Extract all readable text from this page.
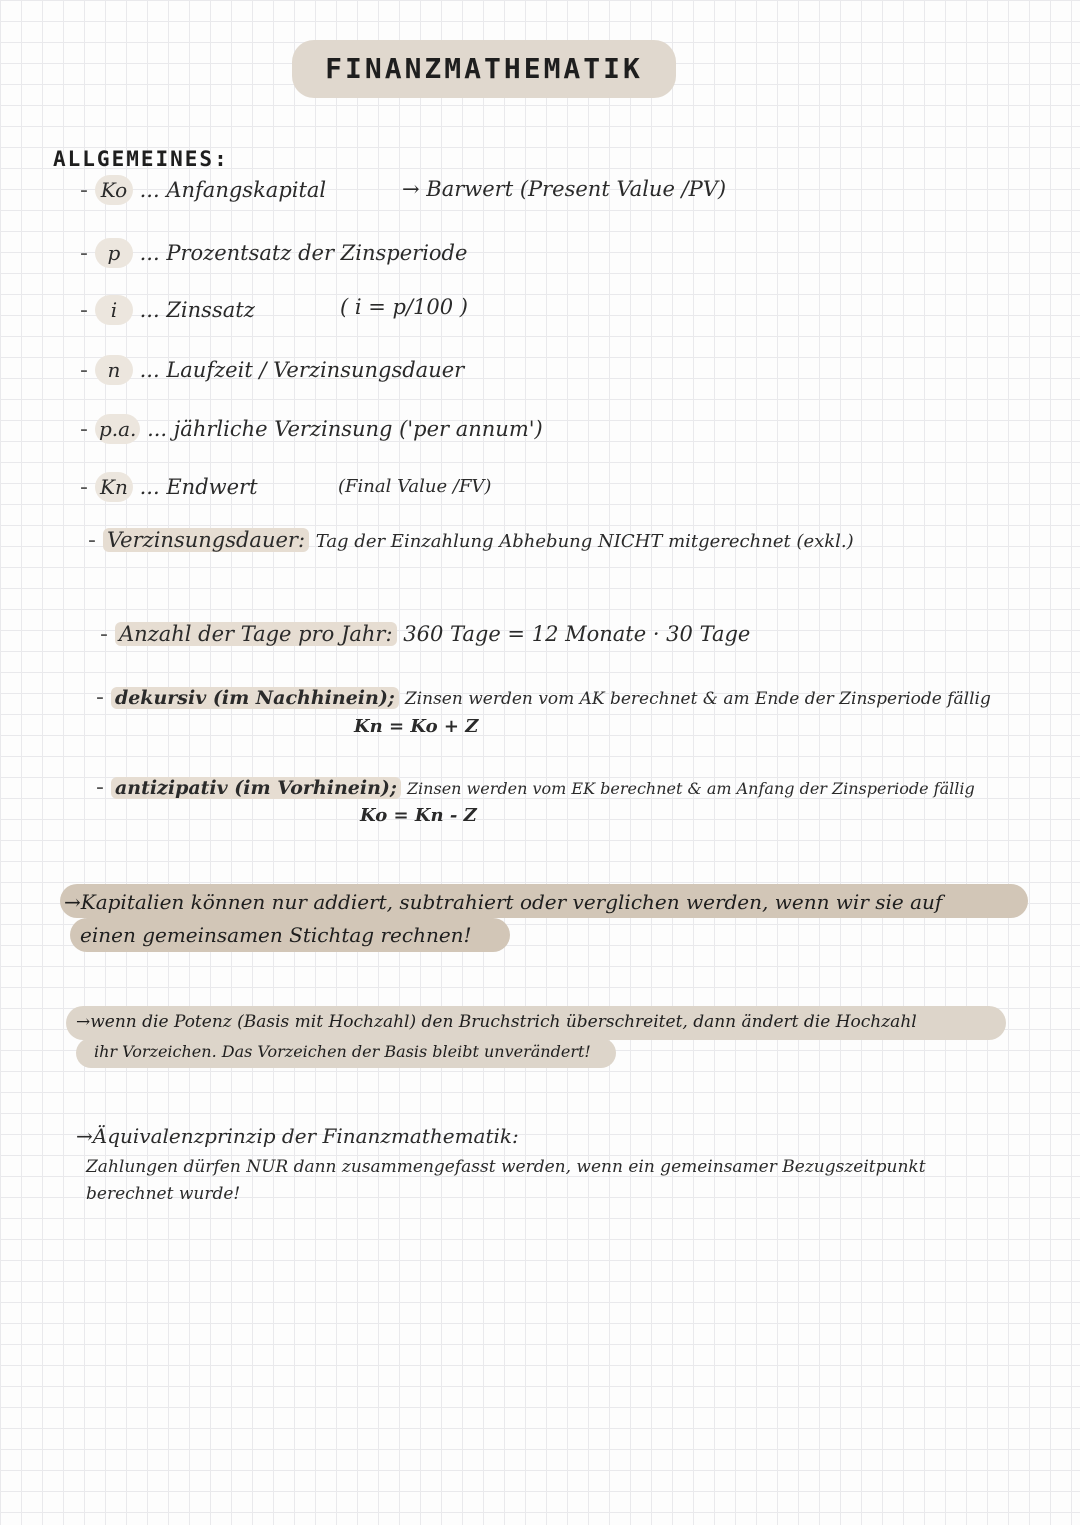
FINANZMATHEMATIK
ALLGEMEINES:
- Ko ... Anfangskapital	→ Barwert (Present Value /PV)
- p ... Prozentsatz der Zinsperiode
- i ... Zinssatz	( i = p/100 )
- n ... Laufzeit / Verzinsungsdauer
- p.a. ... jährliche Verzinsung ('per annum')
- Kn ... Endwert	(Final Value /FV)
- Verzinsungsdauer: Tag der Einzahlung Abhebung NICHT mitgerechnet (exkl.)
- Anzahl der Tage pro Jahr: 360 Tage = 12 Monate · 30 Tage
- dekursiv (im Nachhinein); Zinsen werden vom AK berechnet & am Ende der Zinsperiode fällig
Kn = Ko + Z
- antizipativ (im Vorhinein); Zinsen werden vom EK berechnet & am Anfang der Zinsperiode fällig
Ko = Kn - Z
→Kapitalien können nur addiert, subtrahiert oder verglichen werden, wenn wir sie auf
einen gemeinsamen Stichtag rechnen!
→wenn die Potenz (Basis mit Hochzahl) den Bruchstrich überschreitet, dann ändert die Hochzahl
ihr Vorzeichen. Das Vorzeichen der Basis bleibt unverändert!
→Äquivalenzprinzip der Finanzmathematik:
Zahlungen dürfen NUR dann zusammengefasst werden, wenn ein gemeinsamer Bezugszeitpunkt
berechnet wurde!
